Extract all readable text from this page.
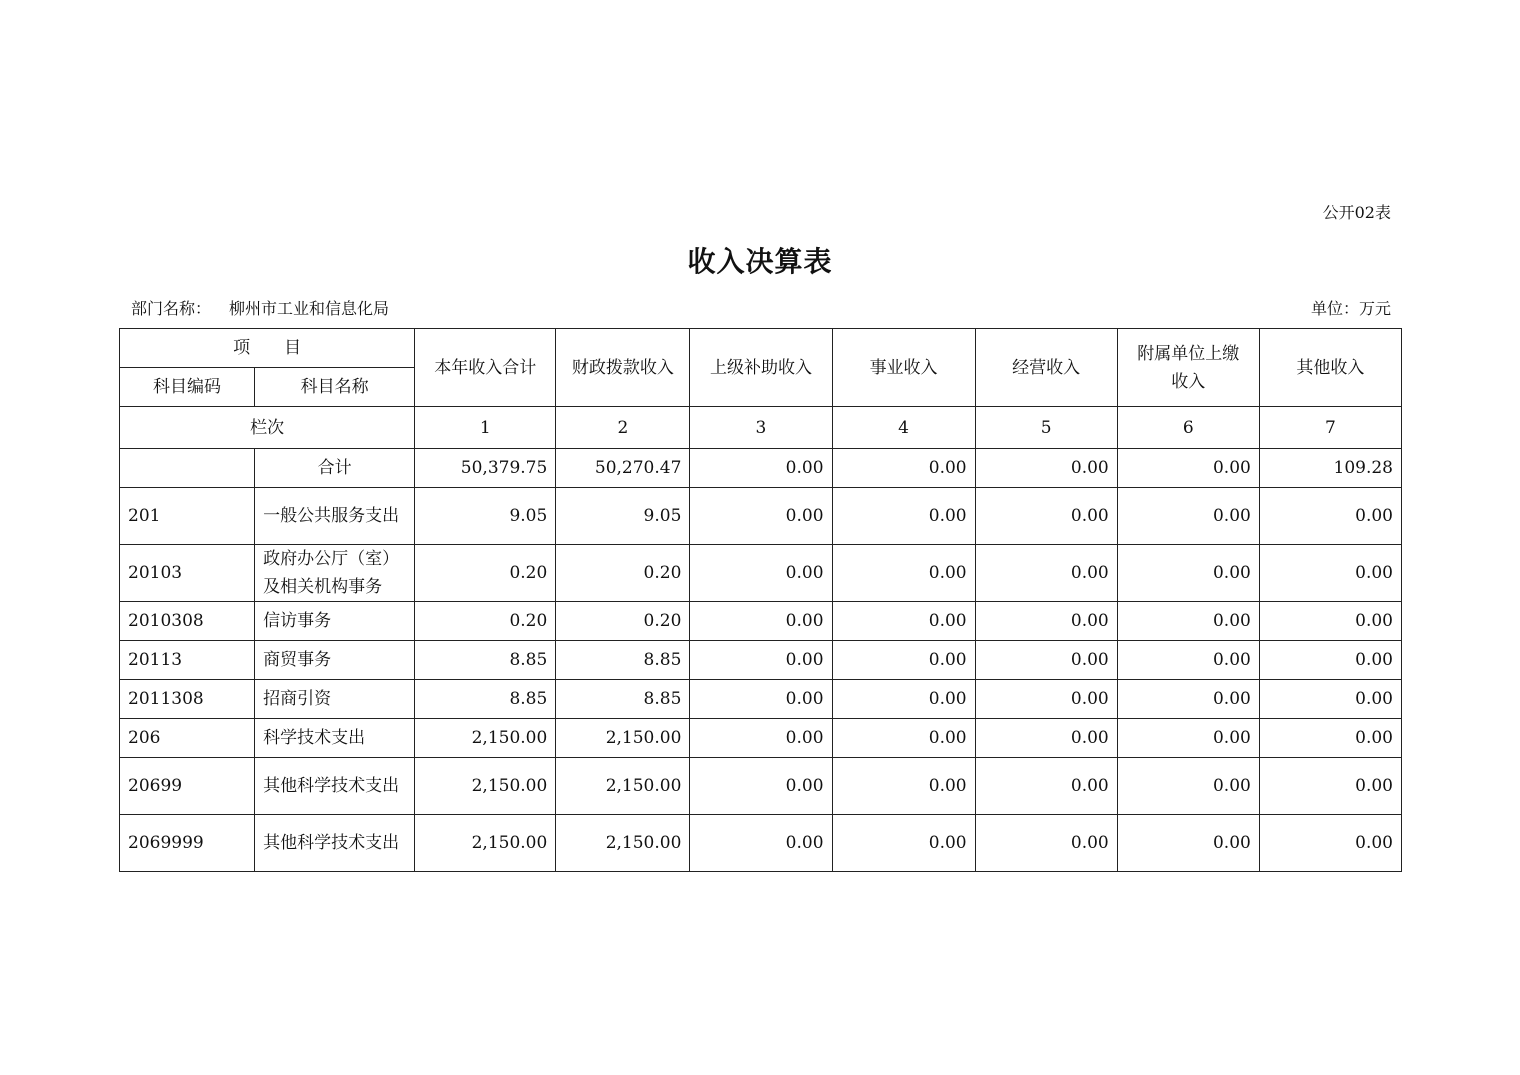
公开02表
收入决算表
部门名称： 柳州市工业和信息化局	单位：万元
项　　目		本年收入合计	财政拨款收入	上级补助收入	事业收入	经营收入	附属单位上缴收入	其他收入
科目编码	科目名称							
栏次		1	2	3	4	5	6	7
	合计	50,379.75	50,270.47	0.00	0.00	0.00	0.00	109.28
201	一般公共服务支出	9.05	9.05	0.00	0.00	0.00	0.00	0.00
20103	政府办公厅（室）及相关机构事务	0.20	0.20	0.00	0.00	0.00	0.00	0.00
2010308	信访事务	0.20	0.20	0.00	0.00	0.00	0.00	0.00
20113	商贸事务	8.85	8.85	0.00	0.00	0.00	0.00	0.00
2011308	招商引资	8.85	8.85	0.00	0.00	0.00	0.00	0.00
206	科学技术支出	2,150.00	2,150.00	0.00	0.00	0.00	0.00	0.00
20699	其他科学技术支出	2,150.00	2,150.00	0.00	0.00	0.00	0.00	0.00
2069999	其他科学技术支出	2,150.00	2,150.00	0.00	0.00	0.00	0.00	0.00
